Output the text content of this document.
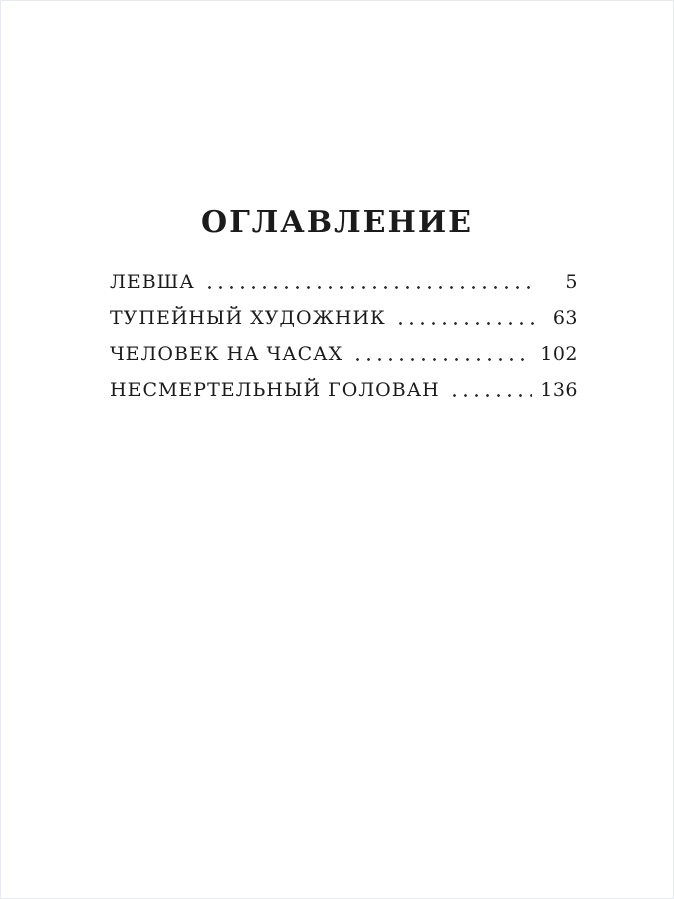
ОГЛАВЛЕНИЕ
ЛЕВША	5
ТУПЕЙНЫЙ ХУДОЖНИК	63
ЧЕЛОВЕК НА ЧАСАХ	102
НЕСМЕРТЕЛЬНЫЙ ГОЛОВАН	136
